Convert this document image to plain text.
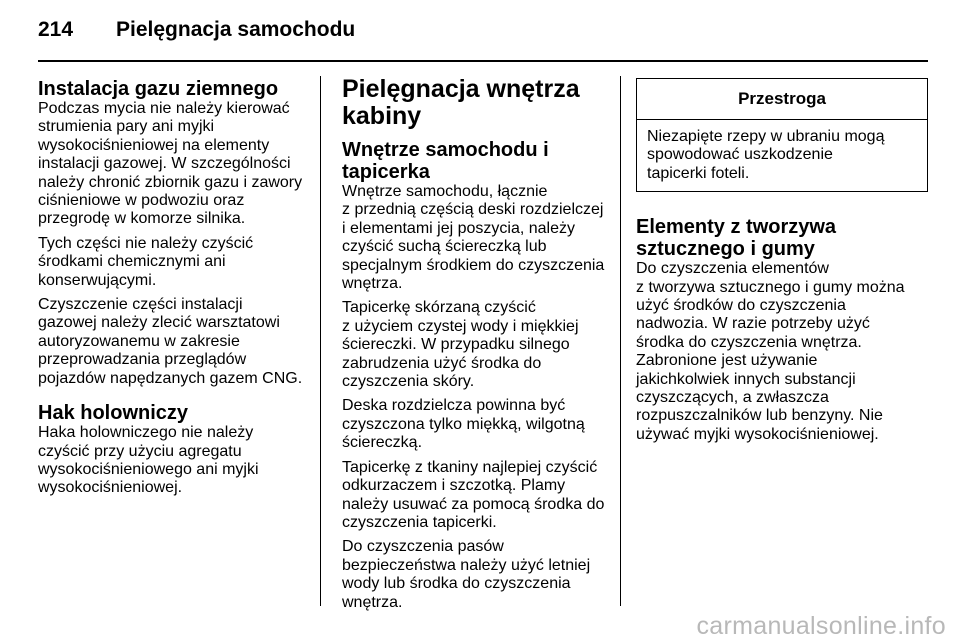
214 Pielęgnacja samochodu
Instalacja gazu ziemnego

Podczas mycia nie należy kierować
strumienia pary ani myjki
wysokociśnieniowej na elementy
instalacji gazowej. W szczególności
należy chronić zbiornik gazu i zawory
ciśnieniowe w podwoziu oraz
przegrodę w komorze silnika.

Tych części nie należy czyścić
środkami chemicznymi ani
konserwującymi.

Czyszczenie części instalacji
gazowej należy zlecić warsztatowi
autoryzowanemu w zakresie
przeprowadzania przeglądów
pojazdów napędzanych gazem CNG.

Hak holowniczy

Haka holowniczego nie należy
czyścić przy użyciu agregatu
wysokociśnieniowego ani myjki
wysokociśnieniowej.

Pielęgnacja wnętrza
kabiny
Wnętrze samochodu i tapicerka

Wnętrze samochodu, łącznie
z przednią częścią deski rozdzielczej
i elementami jej poszycia, należy
czyścić suchą ściereczką lub
specjalnym środkiem do czyszczenia
wnętrza.

Tapicerkę skórzaną czyścić
z użyciem czystej wody i miękkiej
ściereczki. W przypadku silnego
zabrudzenia użyć środka do
czyszczenia skóry.

Deska rozdzielcza powinna być
czyszczona tylko miękką, wilgotną
ściereczką.

Tapicerkę z tkaniny najlepiej czyścić
odkurzaczem i szczotką. Plamy
należy usuwać za pomocą środka do
czyszczenia tapicerki.

Do czyszczenia pasów
bezpieczeństwa należy użyć letniej
wody lub środka do czyszczenia
wnętrza.

Przestroga
Niezapięte rzepy w ubraniu mogą
spowodować uszkodzenie
tapicerki foteli.
Elementy z tworzywa
sztucznego i gumy

Do czyszczenia elementów
z tworzywa sztucznego i gumy można
użyć środków do czyszczenia
nadwozia. W razie potrzeby użyć
środka do czyszczenia wnętrza.
Zabronione jest używanie
jakichkolwiek innych substancji
czyszczących, a zwłaszcza
rozpuszczalników lub benzyny. Nie
używać myjki wysokociśnieniowej.

carmanualsonline.info
